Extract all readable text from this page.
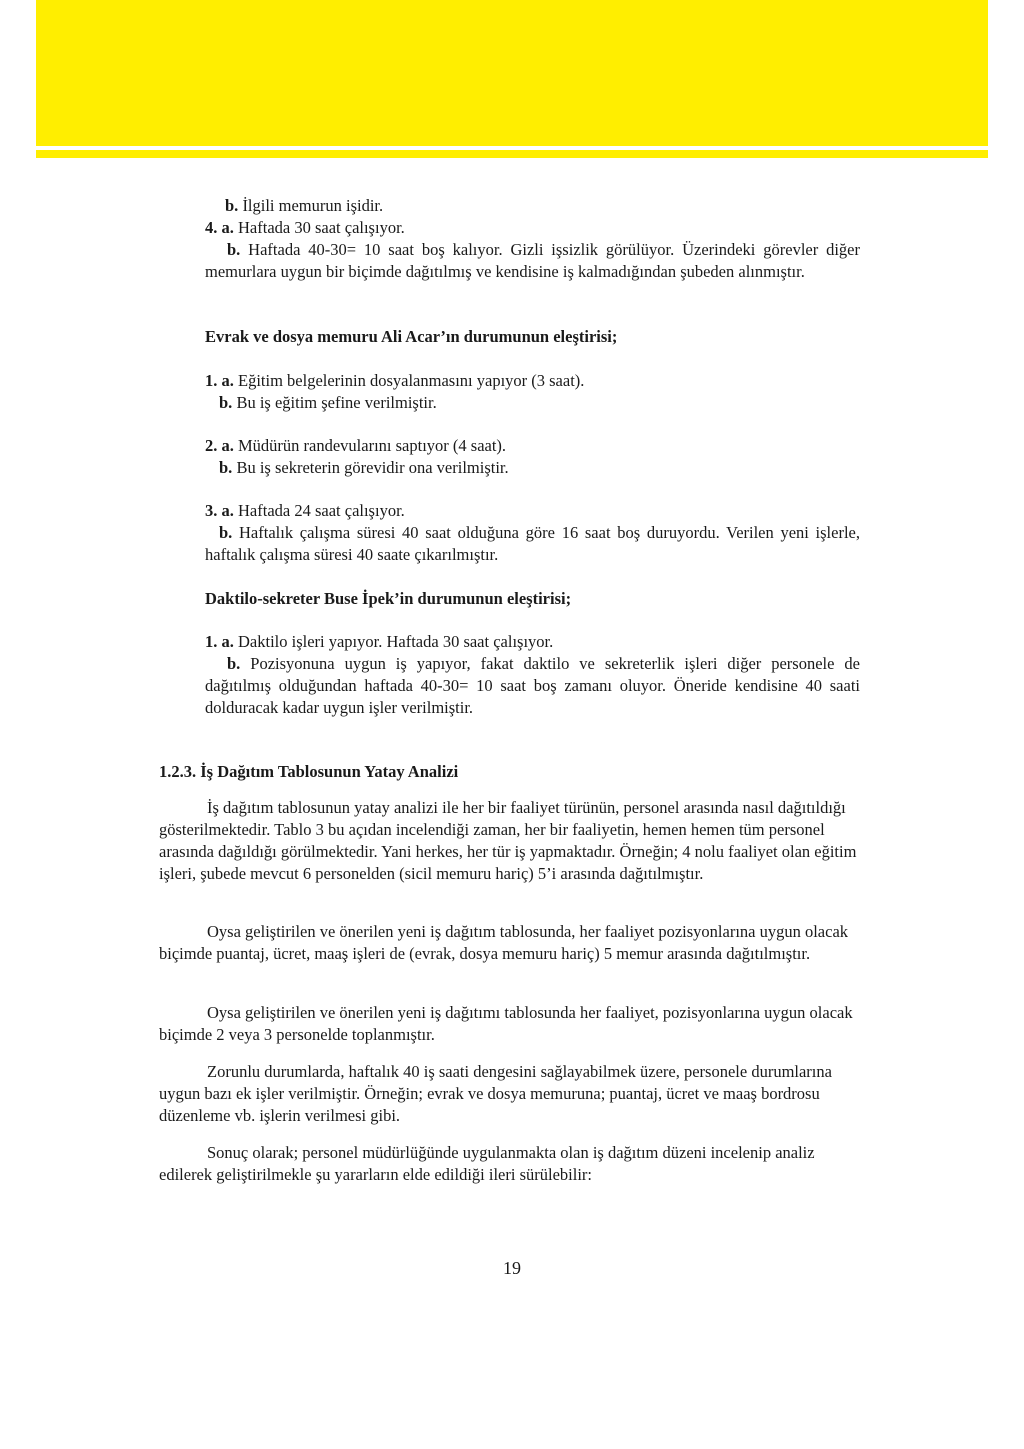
b. İlgili memurun işidir.

4. a. Haftada 30 saat çalışıyor.

b. Haftada 40-30= 10 saat boş kalıyor. Gizli işsizlik görülüyor. Üzerindeki görevler diğer memurlara uygun bir biçimde dağıtılmış ve kendisine iş kalmadığından şubeden alınmıştır.

Evrak ve dosya memuru Ali Acar’ın durumunun eleştirisi;

1. a. Eğitim belgelerinin dosyalanmasını yapıyor (3 saat).

b. Bu iş eğitim şefine verilmiştir.

2. a. Müdürün randevularını saptıyor (4 saat).

b. Bu iş sekreterin görevidir ona verilmiştir.

3. a. Haftada 24 saat çalışıyor.

b. Haftalık çalışma süresi 40 saat olduğuna göre 16 saat boş duruyordu. Verilen yeni işlerle, haftalık çalışma süresi 40 saate çıkarılmıştır.

Daktilo-sekreter Buse İpek’in durumunun eleştirisi;

1. a. Daktilo işleri yapıyor. Haftada 30 saat çalışıyor.

b. Pozisyonuna uygun iş yapıyor, fakat daktilo ve sekreterlik işleri diğer personele de dağıtılmış olduğundan haftada 40-30= 10 saat boş zamanı oluyor. Öneride kendisine 40 saati dolduracak kadar uygun işler verilmiştir.

1.2.3. İş Dağıtım Tablosunun Yatay Analizi

İş dağıtım tablosunun yatay analizi ile her bir faaliyet türünün, personel arasında nasıl dağıtıldığı gösterilmektedir. Tablo 3 bu açıdan incelendiği zaman, her bir faaliyetin, hemen hemen tüm personel arasında dağıldığı görülmektedir. Yani herkes, her tür iş yapmaktadır. Örneğin; 4 nolu faaliyet olan eğitim işleri, şubede mevcut 6 personelden (sicil memuru hariç) 5’i arasında dağıtılmıştır.

Oysa geliştirilen ve önerilen yeni iş dağıtım tablosunda, her faaliyet pozisyonlarına uygun olacak biçimde puantaj, ücret, maaş işleri de (evrak, dosya memuru hariç) 5 memur arasında dağıtılmıştır.

Oysa geliştirilen ve önerilen yeni iş dağıtımı tablosunda her faaliyet, pozisyonlarına uygun olacak biçimde 2 veya 3 personelde toplanmıştır.

Zorunlu durumlarda, haftalık 40 iş saati dengesini sağlayabilmek üzere, personele durumlarına uygun bazı ek işler verilmiştir. Örneğin; evrak ve dosya memuruna; puantaj, ücret ve maaş bordrosu düzenleme vb. işlerin verilmesi gibi.

Sonuç olarak; personel müdürlüğünde uygulanmakta olan iş dağıtım düzeni incelenip analiz edilerek geliştirilmekle şu yararların elde edildiği ileri sürülebilir:

19
